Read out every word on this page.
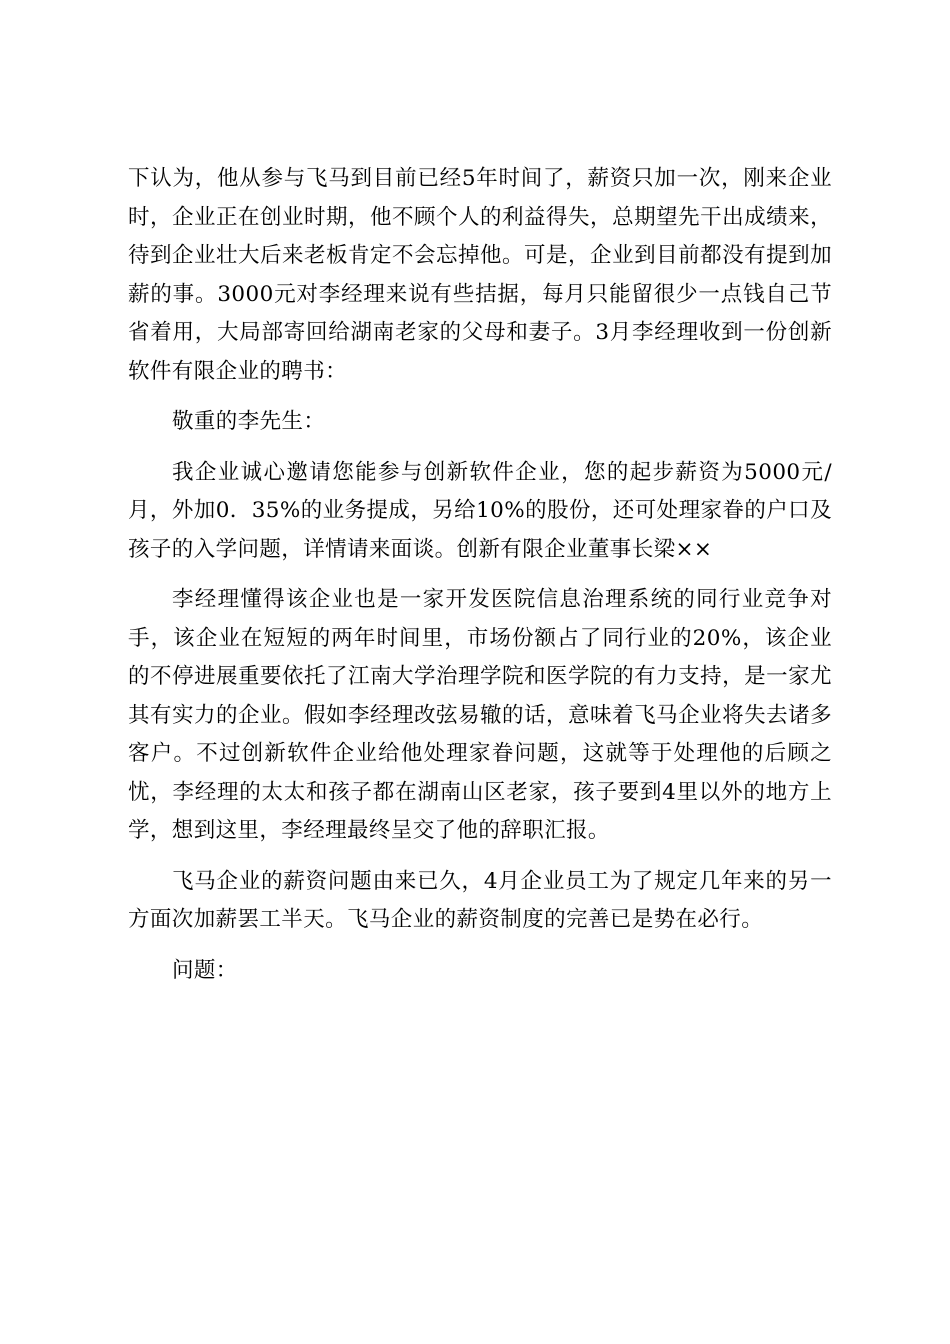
下认为，他从参与飞马到目前已经5年时间了，薪资只加一次，刚来企业时，企业正在创业时期，他不顾个人的利益得失，总期望先干出成绩来，待到企业壮大后来老板肯定不会忘掉他。可是，企业到目前都没有提到加薪的事。3000元对李经理来说有些拮据，每月只能留很少一点钱自己节省着用，大局部寄回给湖南老家的父母和妻子。3月李经理收到一份创新软件有限企业的聘书：

敬重的李先生：

我企业诚心邀请您能参与创新软件企业，您的起步薪资为5000元/月，外加0．35%的业务提成，另给10%的股份，还可处理家眷的户口及孩子的入学问题，详情请来面谈。创新有限企业董事长梁××

李经理懂得该企业也是一家开发医院信息治理系统的同行业竞争对手，该企业在短短的两年时间里，市场份额占了同行业的20%，该企业的不停进展重要依托了江南大学治理学院和医学院的有力支持，是一家尤其有实力的企业。假如李经理改弦易辙的话，意味着飞马企业将失去诸多客户。不过创新软件企业给他处理家眷问题，这就等于处理他的后顾之忧，李经理的太太和孩子都在湖南山区老家，孩子要到4里以外的地方上学，想到这里，李经理最终呈交了他的辞职汇报。

飞马企业的薪资问题由来已久，4月企业员工为了规定几年来的另一方面次加薪罢工半天。飞马企业的薪资制度的完善已是势在必行。

问题：
